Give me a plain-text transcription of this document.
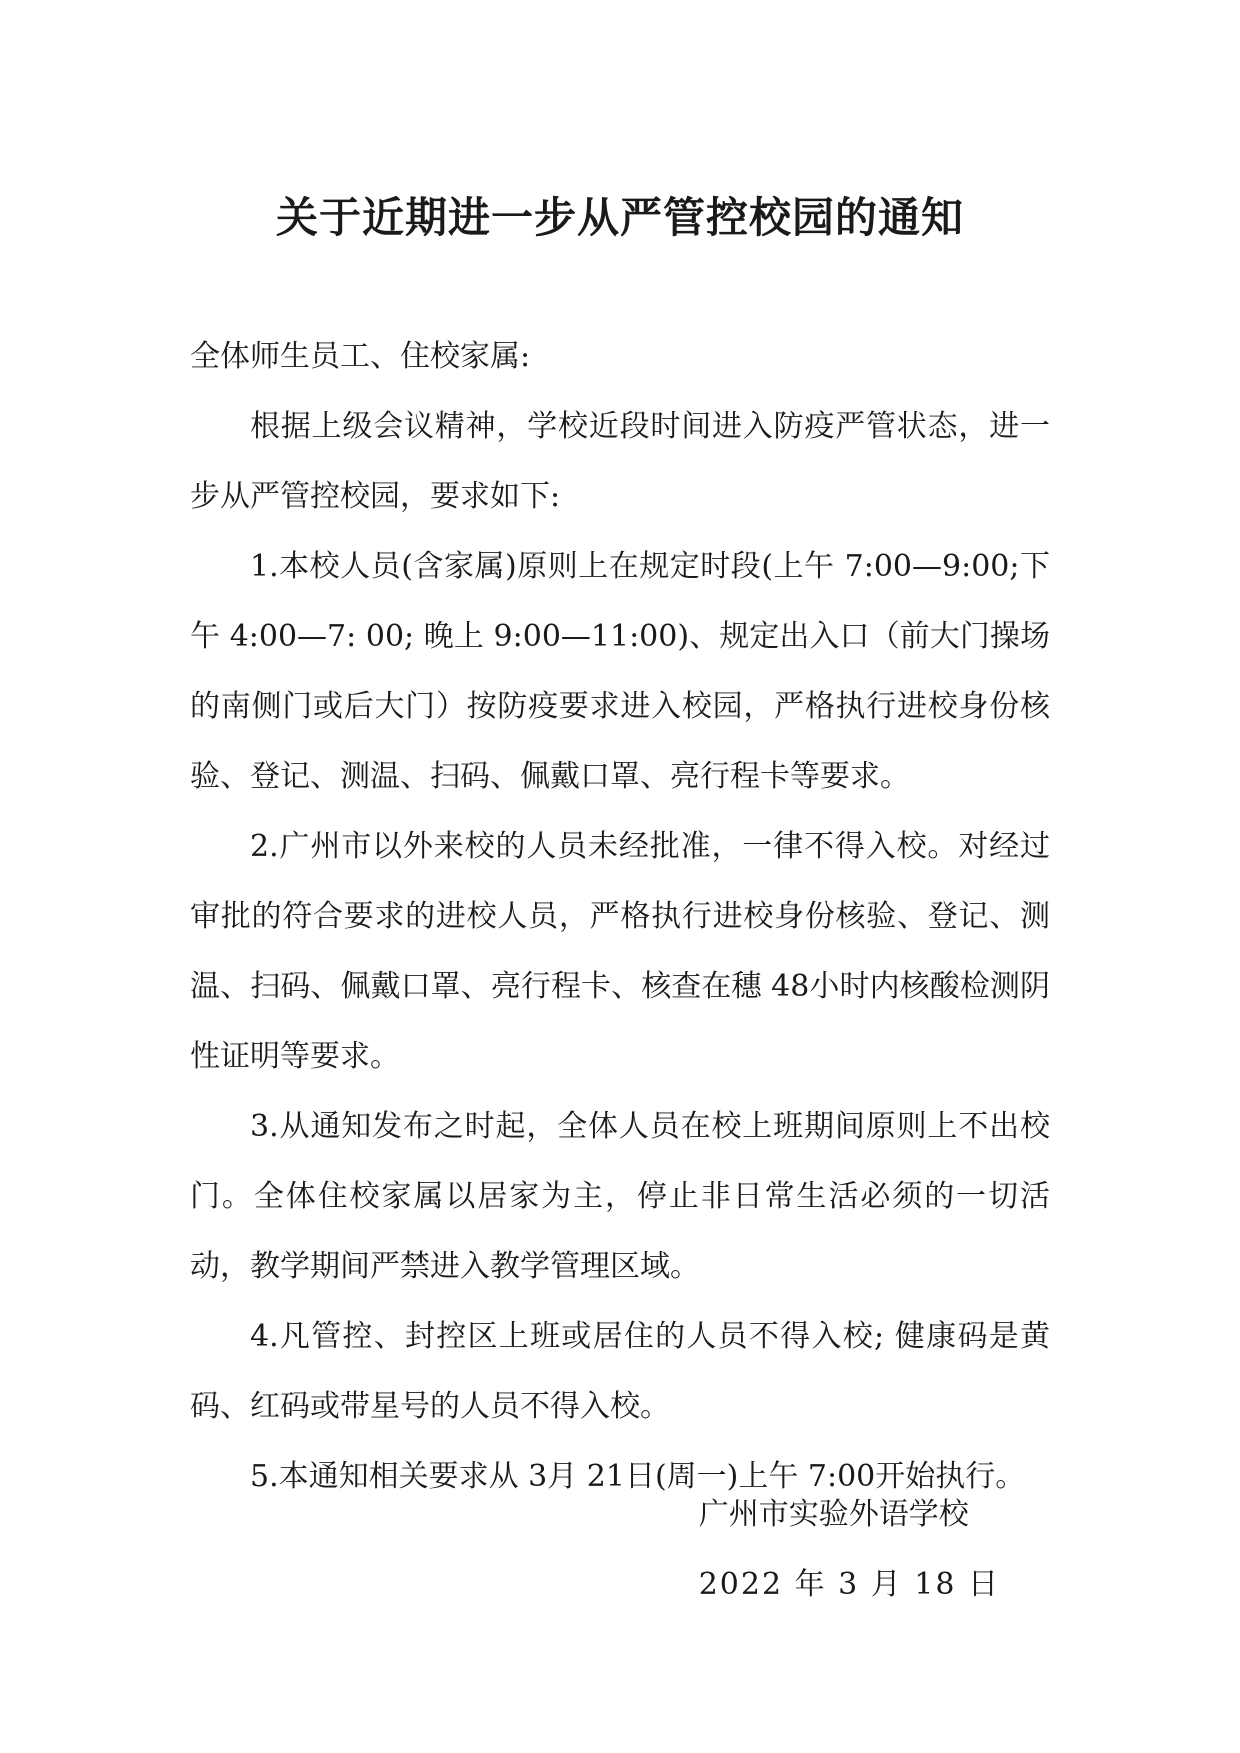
关于近期进一步从严管控校园的通知

全体师生员工、住校家属:

根据上级会议精神，学校近段时间进入防疫严管状态，进一步从严管控校园，要求如下:

1.本校人员(含家属)原则上在规定时段(上午 7:00—9:00;下午 4:00—7: 00; 晚上 9:00—11:00)、规定出入口（前大门操场的南侧门或后大门）按防疫要求进入校园，严格执行进校身份核验、登记、测温、扫码、佩戴口罩、亮行程卡等要求。

2.广州市以外来校的人员未经批准，一律不得入校。对经过审批的符合要求的进校人员，严格执行进校身份核验、登记、测温、扫码、佩戴口罩、亮行程卡、核查在穗 48小时内核酸检测阴性证明等要求。

3.从通知发布之时起，全体人员在校上班期间原则上不出校门。全体住校家属以居家为主，停止非日常生活必须的一切活动，教学期间严禁进入教学管理区域。

4.凡管控、封控区上班或居住的人员不得入校; 健康码是黄码、红码或带星号的人员不得入校。

5.本通知相关要求从 3月 21日(周一)上午 7:00开始执行。

广州市实验外语学校
2022 年 3 月 18 日
